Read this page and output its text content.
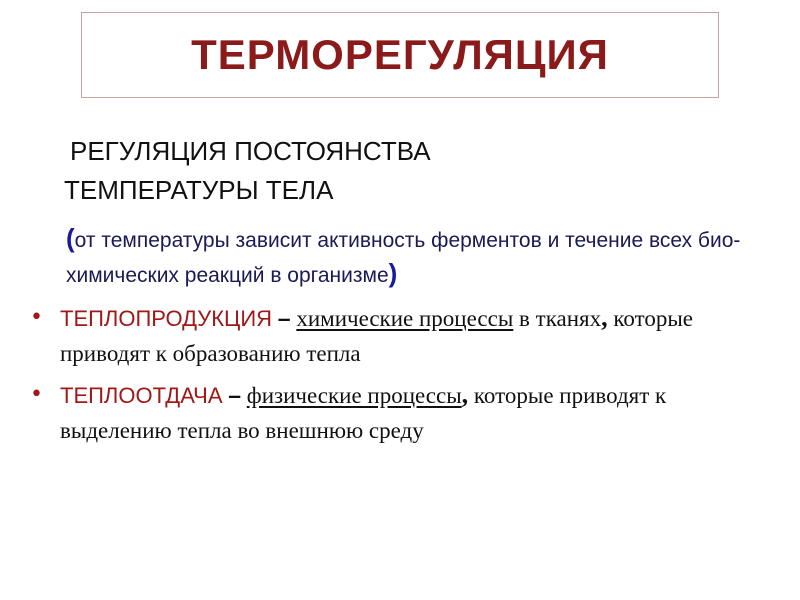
ТЕРМОРЕГУЛЯЦИЯ

РЕГУЛЯЦИЯ ПОСТОЯНСТВА
ТЕМПЕРАТУРЫ ТЕЛА

(от температуры зависит активность ферментов и течение всех био-химических реакций в организме)
• ТЕПЛОПРОДУКЦИЯ – химические процессы в тканях, которые приводят к образованию тепла
• ТЕПЛООТДАЧА – физические процессы, которые приводят к выделению тепла во внешнюю среду
